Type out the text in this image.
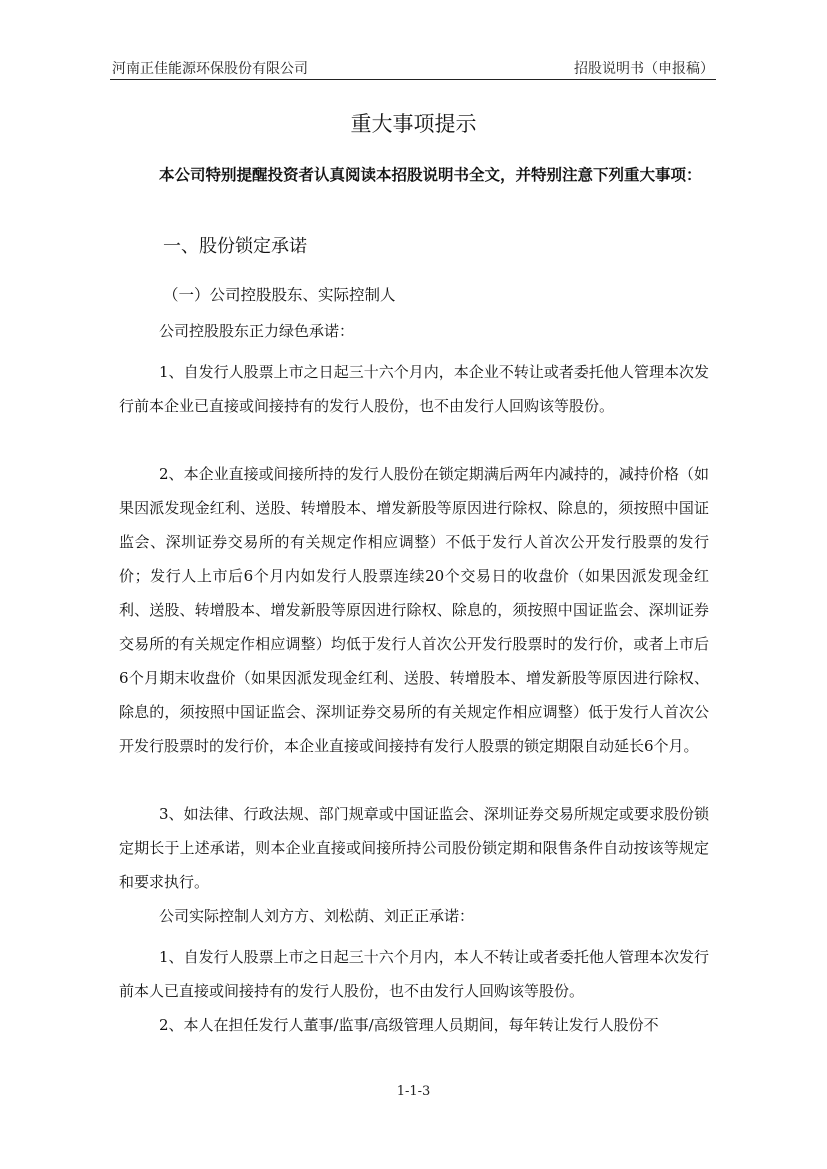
河南正佳能源环保股份有限公司	招股说明书（申报稿）
重大事项提示
本公司特别提醒投资者认真阅读本招股说明书全文，并特别注意下列重大事项：
一、股份锁定承诺
（一）公司控股股东、实际控制人
公司控股股东正力绿色承诺：
1、自发行人股票上市之日起三十六个月内，本企业不转让或者委托他人管理本次发行前本企业已直接或间接持有的发行人股份，也不由发行人回购该等股份。
2、本企业直接或间接所持的发行人股份在锁定期满后两年内减持的，减持价格（如果因派发现金红利、送股、转增股本、增发新股等原因进行除权、除息的，须按照中国证监会、深圳证券交易所的有关规定作相应调整）不低于发行人首次公开发行股票的发行价；发行人上市后6个月内如发行人股票连续20个交易日的收盘价（如果因派发现金红利、送股、转增股本、增发新股等原因进行除权、除息的，须按照中国证监会、深圳证券交易所的有关规定作相应调整）均低于发行人首次公开发行股票时的发行价，或者上市后6个月期末收盘价（如果因派发现金红利、送股、转增股本、增发新股等原因进行除权、除息的，须按照中国证监会、深圳证券交易所的有关规定作相应调整）低于发行人首次公开发行股票时的发行价，本企业直接或间接持有发行人股票的锁定期限自动延长6个月。
3、如法律、行政法规、部门规章或中国证监会、深圳证券交易所规定或要求股份锁定期长于上述承诺，则本企业直接或间接所持公司股份锁定期和限售条件自动按该等规定和要求执行。
公司实际控制人刘方方、刘松荫、刘正正承诺：
1、自发行人股票上市之日起三十六个月内，本人不转让或者委托他人管理本次发行前本人已直接或间接持有的发行人股份，也不由发行人回购该等股份。
2、本人在担任发行人董事/监事/高级管理人员期间，每年转让发行人股份不
1-1-3
